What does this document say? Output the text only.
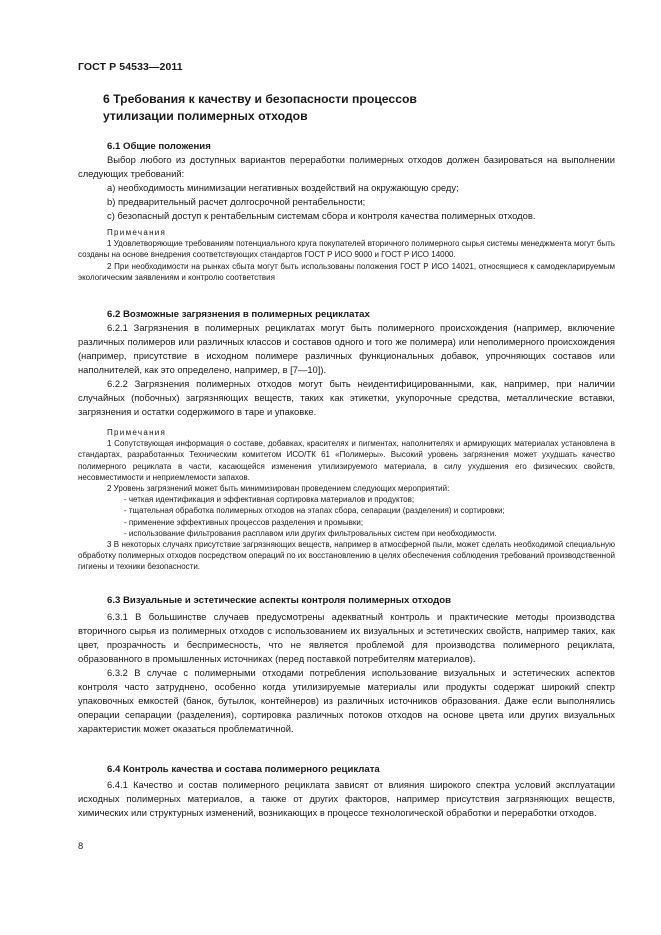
ГОСТ Р 54533—2011
6 Требования к качеству и безопасности процессов
утилизации полимерных отходов
6.1 Общие положения

Выбор любого из доступных вариантов переработки полимерных отходов должен базироваться на выполнении следующих требований:

a) необходимость минимизации негативных воздействий на окружающую среду;
b) предварительный расчет долгосрочной рентабельности;
c) безопасный доступ к рентабельным системам сбора и контроля качества полимерных отходов.
Примечания

1 Удовлетворяющие требованиям потенциального круга покупателей вторичного полимерного сырья системы менеджмента могут быть созданы на основе внедрения соответствующих стандартов ГОСТ Р ИСО 9000 и ГОСТ Р ИСО 14000.

2 При необходимости на рынках сбыта могут быть использованы положения ГОСТ Р ИСО 14021, относящиеся к самодекларируемым экологическим заявлениям и контролю соответствия

6.2 Возможные загрязнения в полимерных рециклатах

6.2.1 Загрязнения в полимерных рециклатах могут быть полимерного происхождения (например, включение различных полимеров или различных классов и составов одного и того же полимера) или неполимерного происхождения (например, присутствие в исходном полимере различных функциональных добавок, упрочняющих составов или наполнителей, как это определено, например, в [7—10]).

6.2.2 Загрязнения полимерных отходов могут быть неидентифицированными, как, например, при наличии случайных (побочных) загрязняющих веществ, таких как этикетки, укупорочные средства, металлические вставки, загрязнения и остатки содержимого в таре и упаковке.

Примечания

1 Сопутствующая информация о составе, добавках, красителях и пигментах, наполнителях и армирующих материалах установлена в стандартах, разработанных Техническим комитетом ИСО/ТК 61 «Полимеры». Высокий уровень загрязнения может ухудшать качество полимерного рециклата в части, касающейся изменения утилизируемого материала, в силу ухудшения его физических свойств, несовместимости и неприемлемости запахов.

2 Уровень загрязнений может быть минимизирован проведением следующих мероприятий:

- четкая идентификация и эффективная сортировка материалов и продуктов;
- тщательная обработка полимерных отходов на этапах сбора, сепарации (разделения) и сортировки;
- применение эффективных процессов разделения и промывки;
- использование фильтрования расплавом или других фильтровальных систем при необходимости.

3 В некоторых случаях присутствие загрязняющих веществ, например в атмосферной пыли, может сделать необходимой специальную обработку полимерных отходов посредством операций по их восстановлению в целях обеспечения соблюдения требований производственной гигиены и техники безопасности.

6.3 Визуальные и эстетические аспекты контроля полимерных отходов

6.3.1 В большинстве случаев предусмотрены адекватный контроль и практические методы производства вторичного сырья из полимерных отходов с использованием их визуальных и эстетических свойств, например таких, как цвет, прозрачность и беспримесность, что не является проблемой для производства полимерного рециклата, образованного в промышленных источниках (перед поставкой потребителям материалов).

6.3.2 В случае с полимерными отходами потребления использование визуальных и эстетических аспектов контроля часто затруднено, особенно когда утилизируемые материалы или продукты содержат широкий спектр упаковочных емкостей (банок, бутылок, контейнеров) из различных источников образования. Даже если выполнялись операции сепарации (разделения), сортировка различных потоков отходов на основе цвета или других визуальных характеристик может оказаться проблематичной.

6.4 Контроль качества и состава полимерного рециклата

6.4.1 Качество и состав полимерного рециклата зависят от влияния широкого спектра условий эксплуатации исходных полимерных материалов, а также от других факторов, например присутствия загрязняющих веществ, химических или структурных изменений, возникающих в процессе технологической обработки и переработки отходов.

8
